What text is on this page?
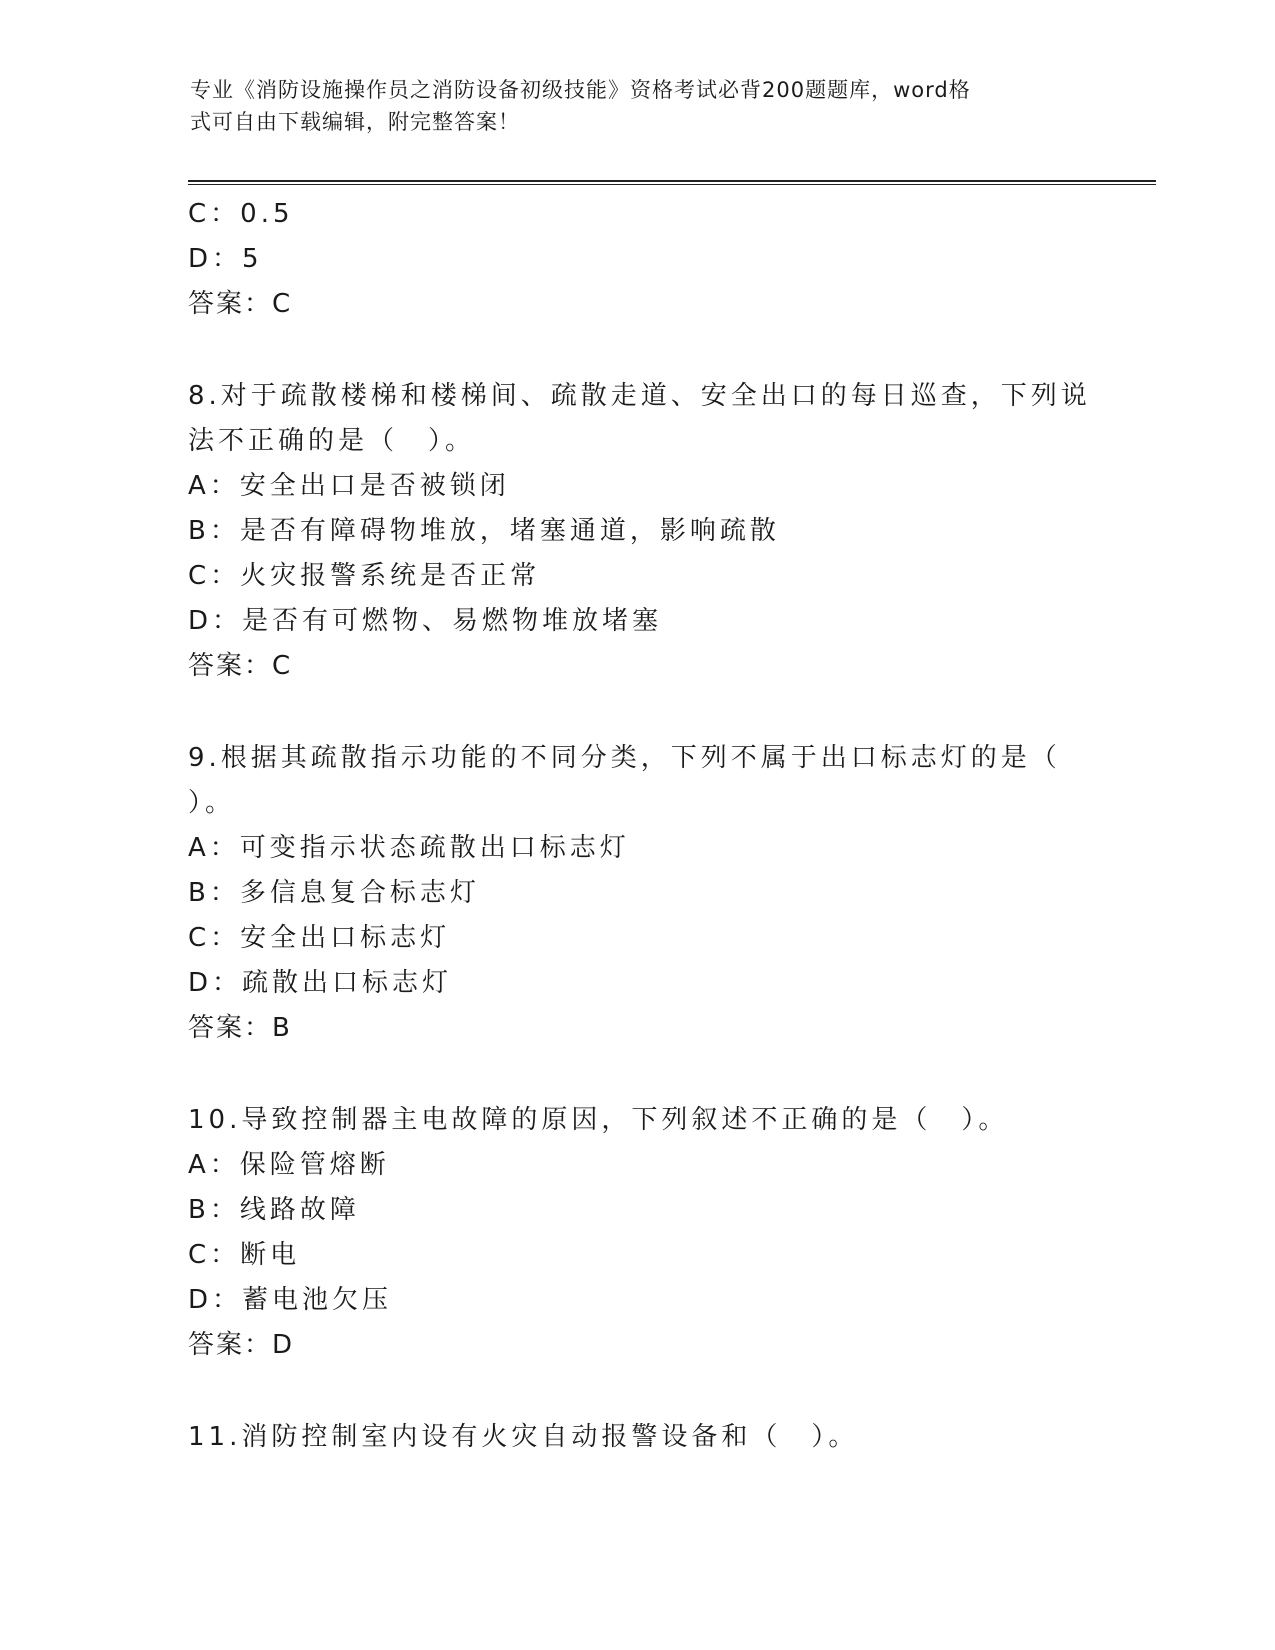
专业《消防设施操作员之消防设备初级技能》资格考试必背200题题库，word格
式可自由下载编辑，附完整答案！
C：0.5
D：5
答案：C
8.对于疏散楼梯和楼梯间、疏散走道、安全出口的每日巡查，下列说
法不正确的是（　）。
A：安全出口是否被锁闭
B：是否有障碍物堆放，堵塞通道，影响疏散
C：火灾报警系统是否正常
D：是否有可燃物、易燃物堆放堵塞
答案：C
9.根据其疏散指示功能的不同分类，下列不属于出口标志灯的是（
）。
A：可变指示状态疏散出口标志灯
B：多信息复合标志灯
C：安全出口标志灯
D：疏散出口标志灯
答案：B
10.导致控制器主电故障的原因，下列叙述不正确的是（　）。
A：保险管熔断
B：线路故障
C：断电
D：蓄电池欠压
答案：D
11.消防控制室内设有火灾自动报警设备和（　）。
